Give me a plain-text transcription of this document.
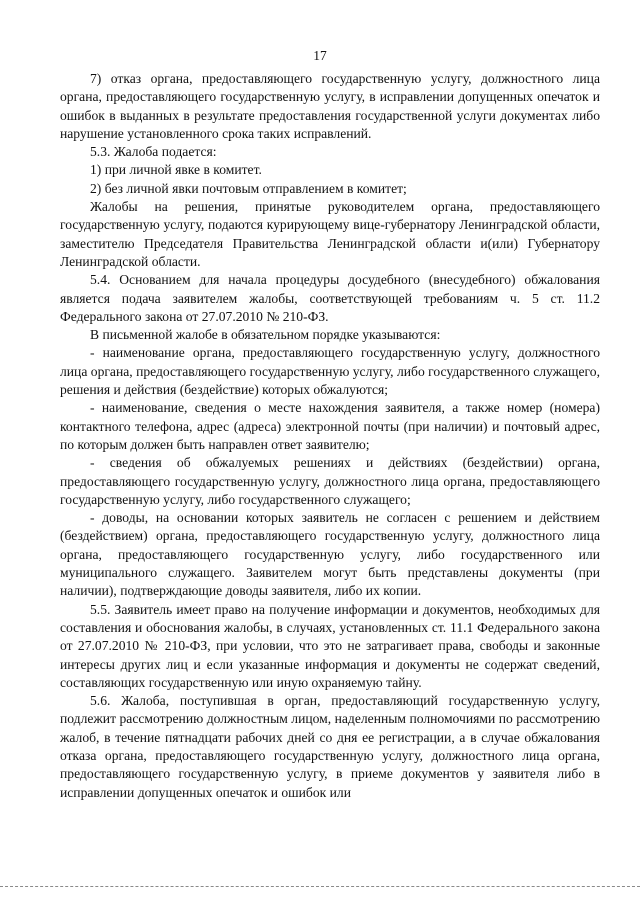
17

7) отказ органа, предоставляющего государственную услугу, должностного лица органа, предоставляющего государственную услугу, в исправлении допущенных опечаток и ошибок в выданных в результате предоставления государственной услуги документах либо нарушение установленного срока таких исправлений.

5.3. Жалоба подается:

1) при личной явке в комитет.

2) без личной явки почтовым отправлением в комитет;

Жалобы на решения, принятые руководителем органа, предоставляющего государственную услугу, подаются курирующему вице-губернатору Ленинградской области, заместителю Председателя Правительства Ленинградской области и(или) Губернатору Ленинградской области.

5.4. Основанием для начала процедуры досудебного (внесудебного) обжалования является подача заявителем жалобы, соответствующей требованиям ч. 5 ст. 11.2 Федерального закона от 27.07.2010 № 210-ФЗ.

В письменной жалобе в обязательном порядке указываются:

- наименование органа, предоставляющего государственную услугу, должностного лица органа, предоставляющего государственную услугу, либо государственного служащего, решения и действия (бездействие) которых обжалуются;

- наименование, сведения о месте нахождения заявителя, а также номер (номера) контактного телефона, адрес (адреса) электронной почты (при наличии) и почтовый адрес, по которым должен быть направлен ответ заявителю;

- сведения об обжалуемых решениях и действиях (бездействии) органа, предоставляющего государственную услугу, должностного лица органа, предоставляющего государственную услугу, либо государственного служащего;

- доводы, на основании которых заявитель не согласен с решением и действием (бездействием) органа, предоставляющего государственную услугу, должностного лица органа, предоставляющего государственную услугу, либо государственного или муниципального служащего. Заявителем могут быть представлены документы (при наличии), подтверждающие доводы заявителя, либо их копии.

5.5. Заявитель имеет право на получение информации и документов, необходимых для составления и обоснования жалобы, в случаях, установленных ст. 11.1 Федерального закона от 27.07.2010 № 210-ФЗ, при условии, что это не затрагивает права, свободы и законные интересы других лиц и если указанные информация и документы не содержат сведений, составляющих государственную или иную охраняемую тайну.

5.6. Жалоба, поступившая в орган, предоставляющий государственную услугу, подлежит рассмотрению должностным лицом, наделенным полномочиями по рассмотрению жалоб, в течение пятнадцати рабочих дней со дня ее регистрации, а в случае обжалования отказа органа, предоставляющего государственную услугу, должностного лица органа, предоставляющего государственную услугу, в приеме документов у заявителя либо в исправлении допущенных опечаток и ошибок или
